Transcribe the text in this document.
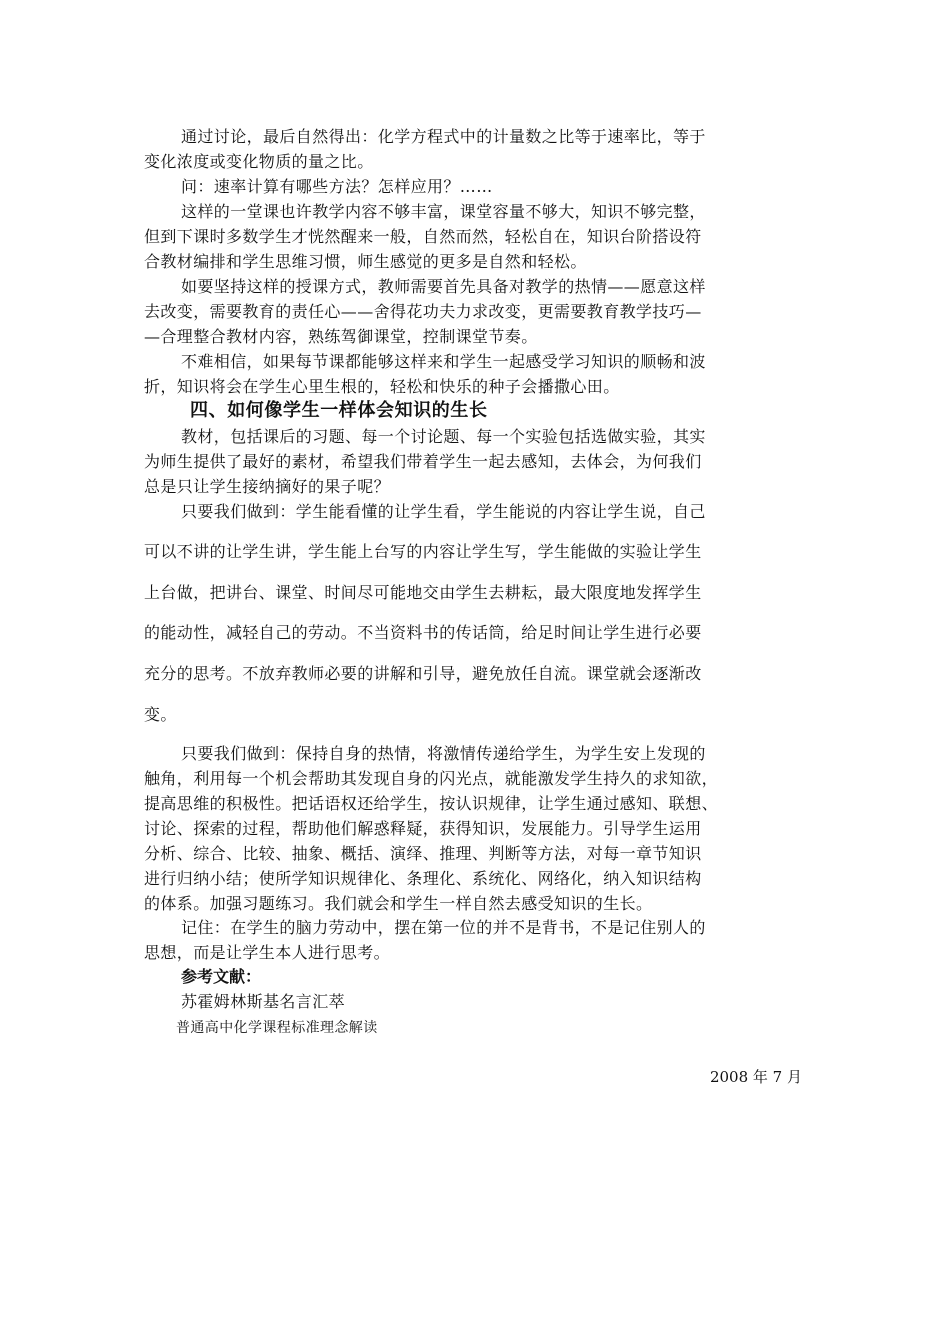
通过讨论，最后自然得出：化学方程式中的计量数之比等于速率比，等于
变化浓度或变化物质的量之比。
问：速率计算有哪些方法？怎样应用？……
这样的一堂课也许教学内容不够丰富，课堂容量不够大，知识不够完整，
但到下课时多数学生才恍然醒来一般，自然而然，轻松自在，知识台阶搭设符
合教材编排和学生思维习惯，师生感觉的更多是自然和轻松。
如要坚持这样的授课方式，教师需要首先具备对教学的热情——愿意这样
去改变，需要教育的责任心——舍得花功夫力求改变，更需要教育教学技巧—
—合理整合教材内容，熟练驾御课堂，控制课堂节奏。
不难相信，如果每节课都能够这样来和学生一起感受学习知识的顺畅和波
折，知识将会在学生心里生根的，轻松和快乐的种子会播撒心田。
四、如何像学生一样体会知识的生长
教材，包括课后的习题、每一个讨论题、每一个实验包括选做实验，其实
为师生提供了最好的素材，希望我们带着学生一起去感知，去体会，为何我们
总是只让学生接纳摘好的果子呢？
只要我们做到：学生能看懂的让学生看，学生能说的内容让学生说，自己
可以不讲的让学生讲，学生能上台写的内容让学生写，学生能做的实验让学生
上台做，把讲台、课堂、时间尽可能地交由学生去耕耘，最大限度地发挥学生
的能动性，减轻自己的劳动。不当资料书的传话筒，给足时间让学生进行必要
充分的思考。不放弃教师必要的讲解和引导，避免放任自流。课堂就会逐渐改
变。
只要我们做到：保持自身的热情，将激情传递给学生，为学生安上发现的
触角，利用每一个机会帮助其发现自身的闪光点，就能激发学生持久的求知欲，
提高思维的积极性。把话语权还给学生，按认识规律，让学生通过感知、联想、
讨论、探索的过程，帮助他们解惑释疑，获得知识，发展能力。引导学生运用
分析、综合、比较、抽象、概括、演绎、推理、判断等方法，对每一章节知识
进行归纳小结；使所学知识规律化、条理化、系统化、网络化，纳入知识结构
的体系。加强习题练习。我们就会和学生一样自然去感受知识的生长。
记住：在学生的脑力劳动中，摆在第一位的并不是背书，不是记住别人的
思想，而是让学生本人进行思考。
参考文献：
苏霍姆林斯基名言汇萃
普通高中化学课程标准理念解读
2008 年 7 月
